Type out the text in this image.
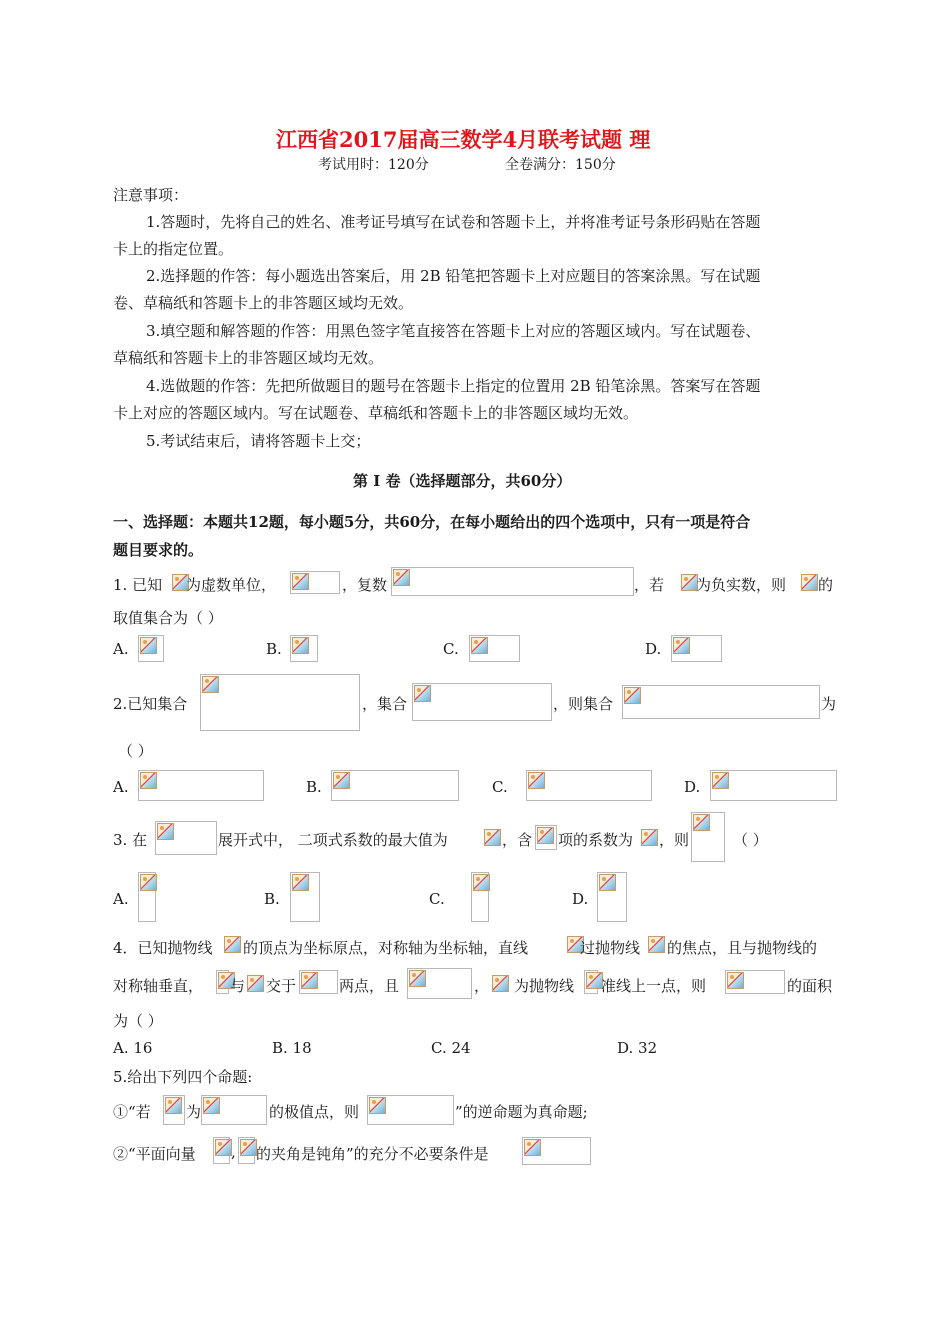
江西省2017届高三数学4月联考试题 理
考试用时：120分	全卷满分：150分
注意事项：
1.答题时，先将自己的姓名、准考证号填写在试卷和答题卡上，并将准考证号条形码贴在答题
卡上的指定位置。
2.选择题的作答：每小题选出答案后，用 2B 铅笔把答题卡上对应题目的答案涂黑。写在试题
卷、草稿纸和答题卡上的非答题区域均无效。
3.填空题和解答题的作答：用黑色签字笔直接答在答题卡上对应的答题区域内。写在试题卷、
草稿纸和答题卡上的非答题区域均无效。
4.选做题的作答：先把所做题目的题号在答题卡上指定的位置用 2B 铅笔涂黑。答案写在答题
卡上对应的答题区域内。写在试题卷、草稿纸和答题卡上的非答题区域均无效。
5.考试结束后，请将答题卡上交；
第 I 卷（选择题部分，共60分）
一、选择题：本题共12题，每小题5分，共60分，在每小题给出的四个选项中，只有一项是符合
题目要求的。
1. 已知 为虚数单位，	，复数	，若 为负实数，则 的
取值集合为（ ）
A.	B.	C.	D.
2.已知集合	，集合	，则集合	为
（ ）
A.	B.	C.	D.
3. 在	展开式中， 二项式系数的最大值为	，含 项的系数为 ，则	（ ）
A.	B.	C.	D.
4．已知抛物线 的顶点为坐标原点，对称轴为坐标轴，直线	过抛物线 的焦点，且与抛物线的
对称轴垂直， 与 交于	两点，且	， 为抛物线 准线上一点，则	的面积
为（ ）
A. 16	B. 18	C. 24	D. 32
5.给出下列四个命题:
①“若 为	的极值点，则	”的逆命题为真命题;
②“平面向量 , 的夹角是钝角”的充分不必要条件是
